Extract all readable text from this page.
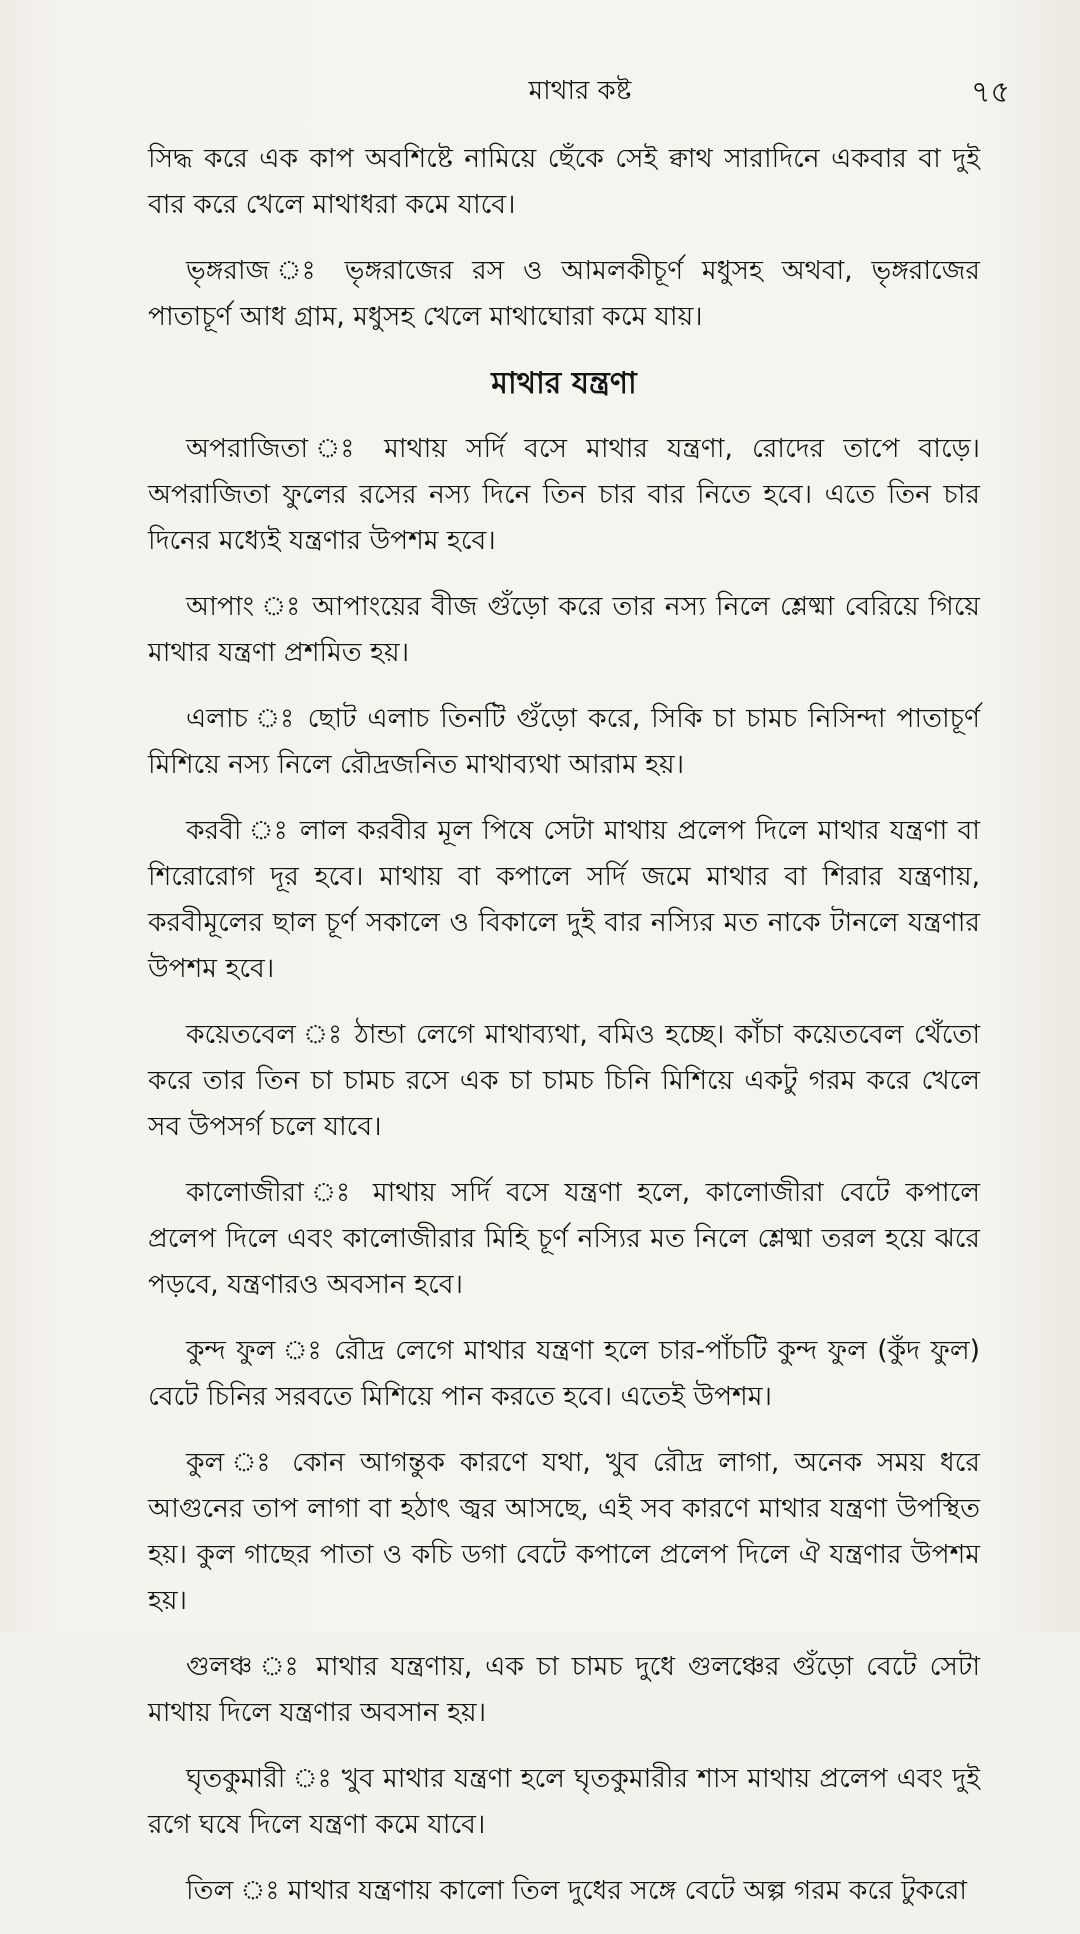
মাথার কষ্ট	৭৫

সিদ্ধ করে এক কাপ অবশিষ্টে নামিয়ে ছেঁকে সেই ক্বাথ সারাদিনে একবার বা দুই বার করে খেলে মাথাধরা কমে যাবে।

ভৃঙ্গরাজ ঃ ভৃঙ্গরাজের রস ও আমলকীচূর্ণ মধুসহ অথবা, ভৃঙ্গরাজের পাতাচূর্ণ আধ গ্রাম, মধুসহ খেলে মাথাঘোরা কমে যায়।

মাথার যন্ত্রণা

অপরাজিতা ঃ মাথায় সর্দি বসে মাথার যন্ত্রণা, রোদের তাপে বাড়ে। অপরাজিতা ফুলের রসের নস্য দিনে তিন চার বার নিতে হবে। এতে তিন চার দিনের মধ্যেই যন্ত্রণার উপশম হবে।

আপাং ঃ আপাংয়ের বীজ গুঁড়ো করে তার নস্য নিলে শ্লেষ্মা বেরিয়ে গিয়ে মাথার যন্ত্রণা প্রশমিত হয়।

এলাচ ঃ ছোট এলাচ তিনটি গুঁড়ো করে, সিকি চা চামচ নিসিন্দা পাতাচূর্ণ মিশিয়ে নস্য নিলে রৌদ্রজনিত মাথাব্যথা আরাম হয়।

করবী ঃ লাল করবীর মূল পিষে সেটা মাথায় প্রলেপ দিলে মাথার যন্ত্রণা বা শিরোরোগ দূর হবে। মাথায় বা কপালে সর্দি জমে মাথার বা শিরার যন্ত্রণায়, করবীমূলের ছাল চূর্ণ সকালে ও বিকালে দুই বার নস্যির মত নাকে টানলে যন্ত্রণার উপশম হবে।

কয়েতবেল ঃ ঠান্ডা লেগে মাথাব্যথা, বমিও হচ্ছে। কাঁচা কয়েতবেল থেঁতো করে তার তিন চা চামচ রসে এক চা চামচ চিনি মিশিয়ে একটু গরম করে খেলে সব উপসর্গ চলে যাবে।

কালোজীরা ঃ মাথায় সর্দি বসে যন্ত্রণা হলে, কালোজীরা বেটে কপালে প্রলেপ দিলে এবং কালোজীরার মিহি চূর্ণ নস্যির মত নিলে শ্লেষ্মা তরল হয়ে ঝরে পড়বে, যন্ত্রণারও অবসান হবে।

কুন্দ ফুল ঃ রৌদ্র লেগে মাথার যন্ত্রণা হলে চার-পাঁচটি কুন্দ ফুল (কুঁদ ফুল) বেটে চিনির সরবতে মিশিয়ে পান করতে হবে। এতেই উপশম।

কুল ঃ কোন আগন্তুক কারণে যথা, খুব রৌদ্র লাগা, অনেক সময় ধরে আগুনের তাপ লাগা বা হঠাৎ জ্বর আসছে, এই সব কারণে মাথার যন্ত্রণা উপস্থিত হয়। কুল গাছের পাতা ও কচি ডগা বেটে কপালে প্রলেপ দিলে ঐ যন্ত্রণার উপশম হয়।

গুলঞ্চ ঃ মাথার যন্ত্রণায়, এক চা চামচ দুধে গুলঞ্চের গুঁড়ো বেটে সেটা মাথায় দিলে যন্ত্রণার অবসান হয়।

ঘৃতকুমারী ঃ খুব মাথার যন্ত্রণা হলে ঘৃতকুমারীর শাস মাথায় প্রলেপ এবং দুই রগে ঘষে দিলে যন্ত্রণা কমে যাবে।

তিল ঃ মাথার যন্ত্রণায় কালো তিল দুধের সঙ্গে বেটে অল্প গরম করে টুকরো
